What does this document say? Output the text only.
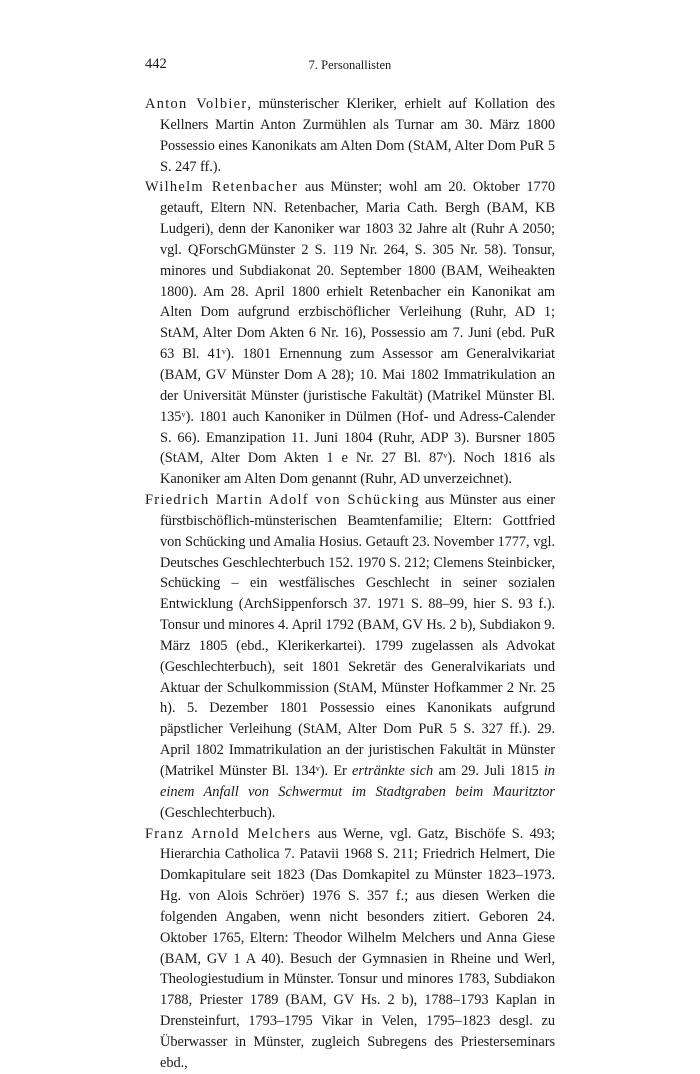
442	7. Personallisten

Anton Volbier, münsterischer Kleriker, erhielt auf Kollation des Kellners Martin Anton Zurmühlen als Turnar am 30. März 1800 Possessio eines Kanonikats am Alten Dom (StAM, Alter Dom PuR 5 S. 247 ff.).

Wilhelm Retenbacher aus Münster; wohl am 20. Oktober 1770 getauft, Eltern NN. Retenbacher, Maria Cath. Bergh (BAM, KB Ludgeri), denn der Kanoniker war 1803 32 Jahre alt (Ruhr A 2050; vgl. QForschGMünster 2 S. 119 Nr. 264, S. 305 Nr. 58). Tonsur, minores und Subdiakonat 20. September 1800 (BAM, Weiheakten 1800). Am 28. April 1800 erhielt Retenbacher ein Kanonikat am Alten Dom aufgrund erzbischöflicher Verleihung (Ruhr, AD 1; StAM, Alter Dom Akten 6 Nr. 16), Possessio am 7. Juni (ebd. PuR 63 Bl. 41ᵛ). 1801 Ernennung zum Assessor am Generalvikariat (BAM, GV Münster Dom A 28); 10. Mai 1802 Immatrikulation an der Universität Münster (juristische Fakultät) (Matrikel Münster Bl. 135ᵛ). 1801 auch Kanoniker in Dülmen (Hof- und Adress-Calender S. 66). Emanzipation 11. Juni 1804 (Ruhr, ADP 3). Bursner 1805 (StAM, Alter Dom Akten 1 e Nr. 27 Bl. 87ᵛ). Noch 1816 als Kanoniker am Alten Dom genannt (Ruhr, AD unverzeichnet).

Friedrich Martin Adolf von Schücking aus Münster aus einer fürstbischöflich-münsterischen Beamtenfamilie; Eltern: Gottfried von Schücking und Amalia Hosius. Getauft 23. November 1777, vgl. Deutsches Geschlechterbuch 152. 1970 S. 212; Clemens Steinbicker, Schücking – ein westfälisches Geschlecht in seiner sozialen Entwicklung (ArchSippenforsch 37. 1971 S. 88–99, hier S. 93 f.). Tonsur und minores 4. April 1792 (BAM, GV Hs. 2 b), Subdiakon 9. März 1805 (ebd., Klerikerkartei). 1799 zugelassen als Advokat (Geschlechterbuch), seit 1801 Sekretär des Generalvikariats und Aktuar der Schulkommission (StAM, Münster Hofkammer 2 Nr. 25 h). 5. Dezember 1801 Possessio eines Kanonikats aufgrund päpstlicher Verleihung (StAM, Alter Dom PuR 5 S. 327 ff.). 29. April 1802 Immatrikulation an der juristischen Fakultät in Münster (Matrikel Münster Bl. 134ᵛ). Er ertränkte sich am 29. Juli 1815 in einem Anfall von Schwermut im Stadtgraben beim Mauritztor (Geschlechterbuch).

Franz Arnold Melchers aus Werne, vgl. Gatz, Bischöfe S. 493; Hierarchia Catholica 7. Patavii 1968 S. 211; Friedrich Helmert, Die Domkapitulare seit 1823 (Das Domkapitel zu Münster 1823–1973. Hg. von Alois Schröer) 1976 S. 357 f.; aus diesen Werken die folgenden Angaben, wenn nicht besonders zitiert. Geboren 24. Oktober 1765, Eltern: Theodor Wilhelm Melchers und Anna Giese (BAM, GV 1 A 40). Besuch der Gymnasien in Rheine und Werl, Theologiestudium in Münster. Tonsur und minores 1783, Subdiakon 1788, Priester 1789 (BAM, GV Hs. 2 b), 1788–1793 Kaplan in Drensteinfurt, 1793–1795 Vikar in Velen, 1795–1823 desgl. zu Überwasser in Münster, zugleich Subregens des Priesterseminars ebd.,
